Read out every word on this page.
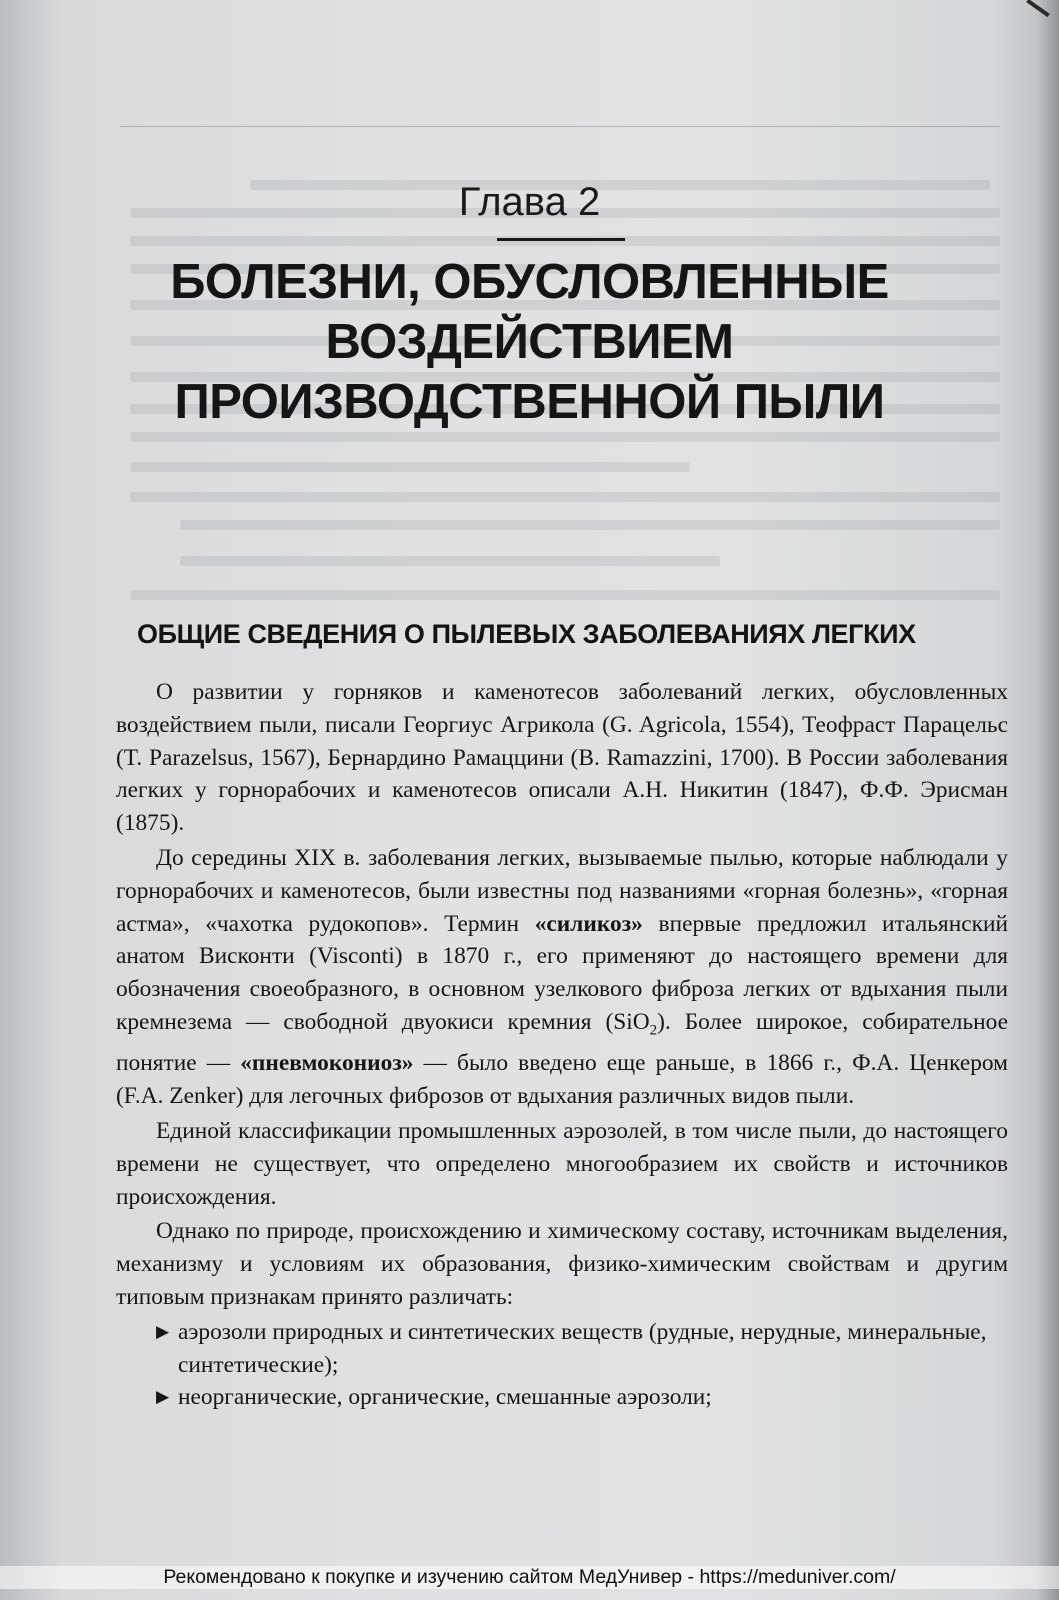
Глава 2
БОЛЕЗНИ, ОБУСЛОВЛЕННЫЕ
ВОЗДЕЙСТВИЕМ
ПРОИЗВОДСТВЕННОЙ ПЫЛИ
ОБЩИЕ СВЕДЕНИЯ О ПЫЛЕВЫХ ЗАБОЛЕВАНИЯХ ЛЕГКИХ

О развитии у горняков и каменотесов заболеваний легких, обусловленных воздействием пыли, писали Георгиус Агрикола (G. Agricola, 1554), Теофраст Парацельс (T. Parazelsus, 1567), Бернардино Рамаццини (B. Ramazzini, 1700). В России заболевания легких у горнорабочих и каменотесов описали А.Н. Никитин (1847), Ф.Ф. Эрисман (1875).

До середины XIX в. заболевания легких, вызываемые пылью, которые наблюдали у горнорабочих и каменотесов, были известны под названиями «горная болезнь», «горная астма», «чахотка рудокопов». Термин «силикоз» впервые предложил итальянский анатом Висконти (Visconti) в 1870 г., его применяют до настоящего времени для обозначения своеобразного, в основном узелкового фиброза легких от вдыхания пыли кремнезема — свободной двуокиси кремния (SiO$_2$). Более широкое, собирательное понятие — «пневмокониоз» — было введено еще раньше, в 1866 г., Ф.А. Ценкером (F.A. Zenker) для легочных фиброзов от вдыхания различных видов пыли.

Единой классификации промышленных аэрозолей, в том числе пыли, до настоящего времени не существует, что определено многообразием их свойств и источников происхождения.

Однако по природе, происхождению и химическому составу, источникам выделения, механизму и условиям их образования, физико-химическим свойствам и другим типовым признакам принято различать:

▶ аэрозоли природных и синтетических веществ (рудные, нерудные, минеральные, синтетические);

▶ неорганические, органические, смешанные аэрозоли;

Рекомендовано к покупке и изучению сайтом МедУнивер - https://meduniver.com/
